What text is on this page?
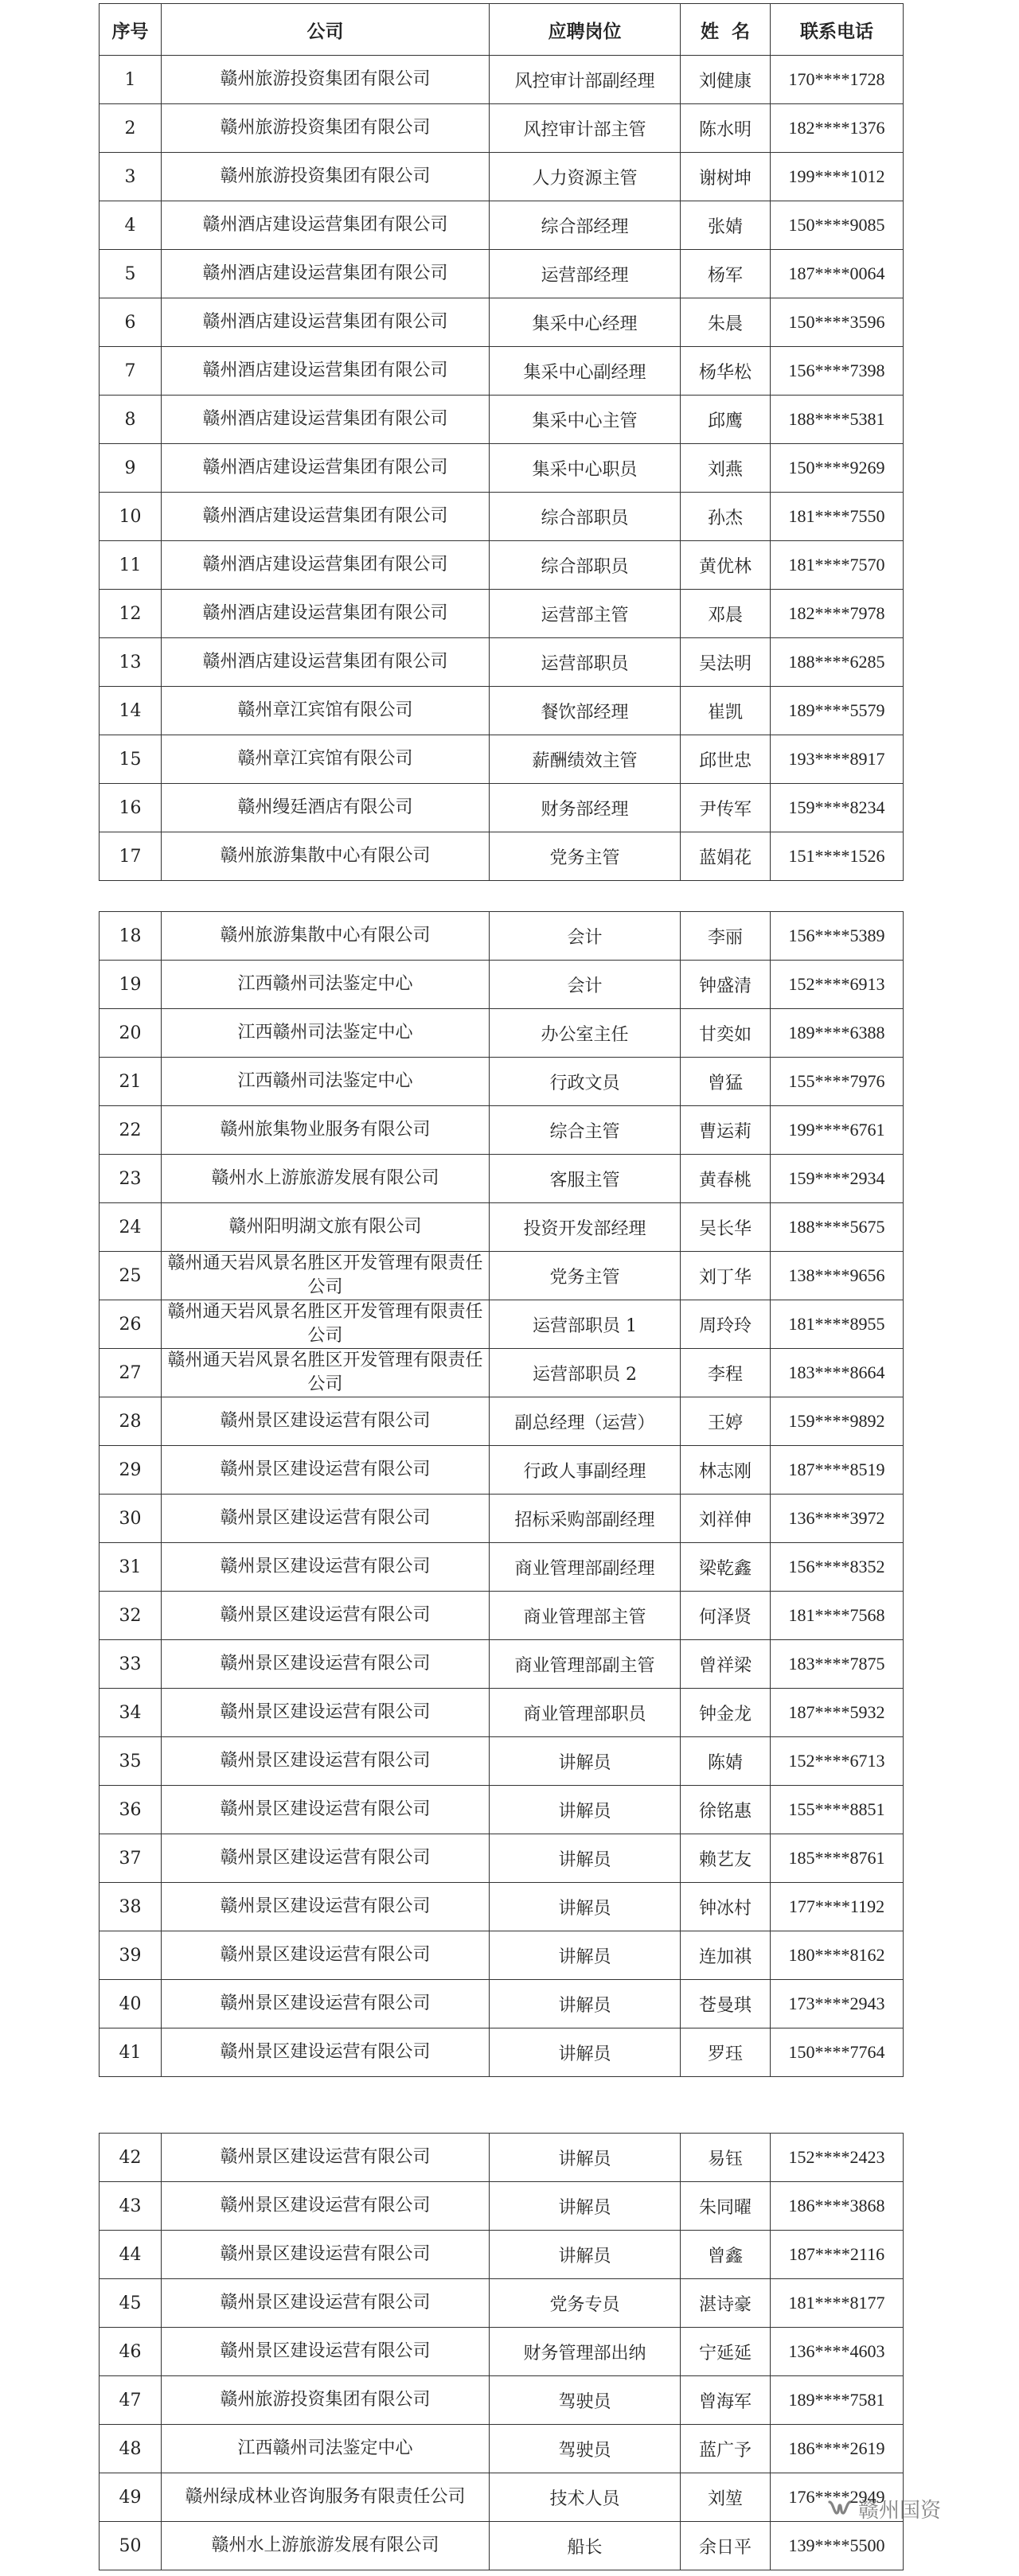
序号	公司	应聘岗位	姓  名	联系电话
1	赣州旅游投资集团有限公司	风控审计部副经理	刘健康	170****1728
2	赣州旅游投资集团有限公司	风控审计部主管	陈水明	182****1376
3	赣州旅游投资集团有限公司	人力资源主管	谢树坤	199****1012
4	赣州酒店建设运营集团有限公司	综合部经理	张婧	150****9085
5	赣州酒店建设运营集团有限公司	运营部经理	杨军	187****0064
6	赣州酒店建设运营集团有限公司	集采中心经理	朱晨	150****3596
7	赣州酒店建设运营集团有限公司	集采中心副经理	杨华松	156****7398
8	赣州酒店建设运营集团有限公司	集采中心主管	邱鹰	188****5381
9	赣州酒店建设运营集团有限公司	集采中心职员	刘燕	150****9269
10	赣州酒店建设运营集团有限公司	综合部职员	孙杰	181****7550
11	赣州酒店建设运营集团有限公司	综合部职员	黄优林	181****7570
12	赣州酒店建设运营集团有限公司	运营部主管	邓晨	182****7978
13	赣州酒店建设运营集团有限公司	运营部职员	吴法明	188****6285
14	赣州章江宾馆有限公司	餐饮部经理	崔凯	189****5579
15	赣州章江宾馆有限公司	薪酬绩效主管	邱世忠	193****8917
16	赣州缦廷酒店有限公司	财务部经理	尹传军	159****8234
17	赣州旅游集散中心有限公司	党务主管	蓝娟花	151****1526
18	赣州旅游集散中心有限公司	会计	李丽	156****5389
19	江西赣州司法鉴定中心	会计	钟盛清	152****6913
20	江西赣州司法鉴定中心	办公室主任	甘奕如	189****6388
21	江西赣州司法鉴定中心	行政文员	曾猛	155****7976
22	赣州旅集物业服务有限公司	综合主管	曹运莉	199****6761
23	赣州水上游旅游发展有限公司	客服主管	黄春桃	159****2934
24	赣州阳明湖文旅有限公司	投资开发部经理	吴长华	188****5675
25	赣州通天岩风景名胜区开发管理有限责任公司	党务主管	刘丁华	138****9656
26	赣州通天岩风景名胜区开发管理有限责任公司	运营部职员 1	周玲玲	181****8955
27	赣州通天岩风景名胜区开发管理有限责任公司	运营部职员 2	李程	183****8664
28	赣州景区建设运营有限公司	副总经理（运营）	王婷	159****9892
29	赣州景区建设运营有限公司	行政人事副经理	林志刚	187****8519
30	赣州景区建设运营有限公司	招标采购部副经理	刘祥伸	136****3972
31	赣州景区建设运营有限公司	商业管理部副经理	梁乾鑫	156****8352
32	赣州景区建设运营有限公司	商业管理部主管	何泽贤	181****7568
33	赣州景区建设运营有限公司	商业管理部副主管	曾祥梁	183****7875
34	赣州景区建设运营有限公司	商业管理部职员	钟金龙	187****5932
35	赣州景区建设运营有限公司	讲解员	陈婧	152****6713
36	赣州景区建设运营有限公司	讲解员	徐铭惠	155****8851
37	赣州景区建设运营有限公司	讲解员	赖艺友	185****8761
38	赣州景区建设运营有限公司	讲解员	钟冰村	177****1192
39	赣州景区建设运营有限公司	讲解员	连加祺	180****8162
40	赣州景区建设运营有限公司	讲解员	苍曼琪	173****2943
41	赣州景区建设运营有限公司	讲解员	罗珏	150****7764
42	赣州景区建设运营有限公司	讲解员	易钰	152****2423
43	赣州景区建设运营有限公司	讲解员	朱同曜	186****3868
44	赣州景区建设运营有限公司	讲解员	曾鑫	187****2116
45	赣州景区建设运营有限公司	党务专员	湛诗豪	181****8177
46	赣州景区建设运营有限公司	财务管理部出纳	宁延延	136****4603
47	赣州旅游投资集团有限公司	驾驶员	曾海军	189****7581
48	江西赣州司法鉴定中心	驾驶员	蓝广予	186****2619
49	赣州绿成林业咨询服务有限责任公司	技术人员	刘堃	176****2949
50	赣州水上游旅游发展有限公司	船长	余日平	139****5500
赣州国资
